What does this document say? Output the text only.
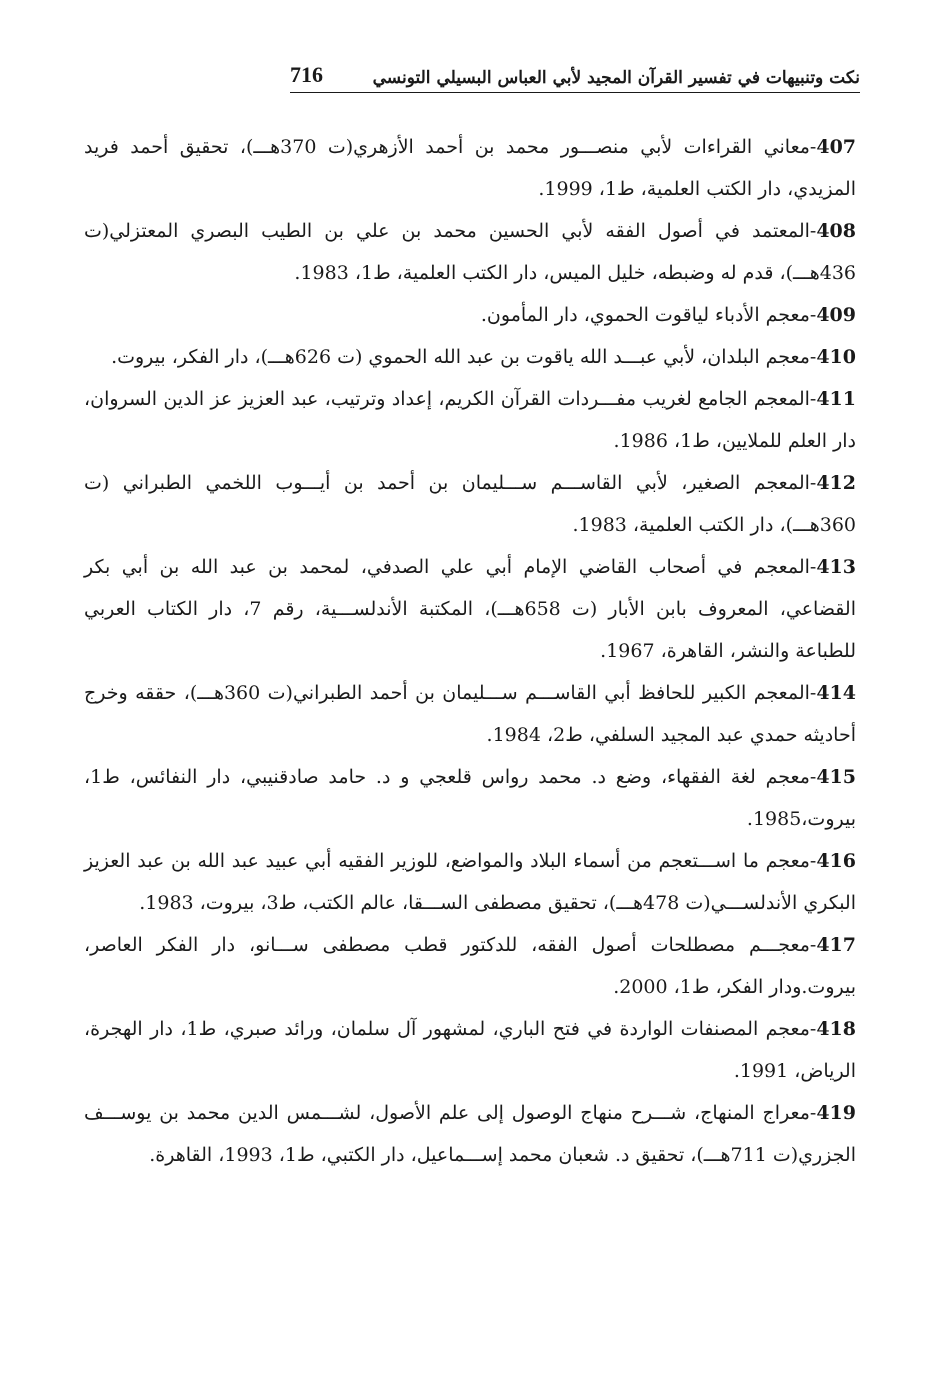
نكت وتنبيهات في تفسير القرآن المجيد لأبي العباس البسيلي التونسي
716

407-معاني القراءات لأبي منصـــور محمد بن أحمد الأزهري(ت 370هـــ)، تحقيق أحمد فريد المزيدي، دار الكتب العلمية، ط1، 1999.

408-المعتمد في أصول الفقه لأبي الحسين محمد بن علي بن الطيب البصري المعتزلي(ت 436هـــ)، قدم له وضبطه، خليل الميس، دار الكتب العلمية، ط1، 1983.

409-معجم الأدباء لياقوت الحموي، دار المأمون.

410-معجم البلدان، لأبي عبـــد الله ياقوت بن عبد الله الحموي (ت 626هـــ)، دار الفكر، بيروت.

411-المعجم الجامع لغريب مفـــردات القرآن الكريم، إعداد وترتيب، عبد العزيز عز الدين السروان، دار العلم للملايين، ط1، 1986.

412-المعجم الصغير، لأبي القاســـم ســـليمان بن أحمد بن أيـــوب اللخمي الطبراني (ت 360هـــ)، دار الكتب العلمية، 1983.

413-المعجم في أصحاب القاضي الإمام أبي علي الصدفي، لمحمد بن عبد الله بن أبي بكر القضاعي، المعروف بابن الأبار (ت 658هـــ)، المكتبة الأندلســـية، رقم 7، دار الكتاب العربي للطباعة والنشر، القاهرة، 1967.

414-المعجم الكبير للحافظ أبي القاســـم ســـليمان بن أحمد الطبراني(ت 360هـــ)، حققه وخرج أحاديثه حمدي عبد المجيد السلفي، ط2، 1984.

415-معجم لغة الفقهاء، وضع د. محمد رواس قلعجي و د. حامد صادقنيبي، دار النفائس، ط1، بيروت،1985.

416-معجم ما اســـتعجم من أسماء البلاد والمواضع، للوزير الفقيه أبي عبيد عبد الله بن عبد العزيز البكري الأندلســـي(ت 478هـــ)، تحقيق مصطفى الســـقا، عالم الكتب، ط3، بيروت، 1983.

417-معجـــم مصطلحات أصول الفقه، للدكتور قطب مصطفى ســـانو، دار الفكر العاصر، بيروت.ودار الفكر، ط1، 2000.

418-معجم المصنفات الواردة في فتح الباري، لمشهور آل سلمان، ورائد صبري، ط1، دار الهجرة، الرياض، 1991.

419-معراج المنهاج، شـــرح منهاج الوصول إلى علم الأصول، لشـــمس الدين محمد بن يوســـف الجزري(ت 711هـــ)، تحقيق د. شعبان محمد إســـماعيل، دار الكتبي، ط1، 1993، القاهرة.
